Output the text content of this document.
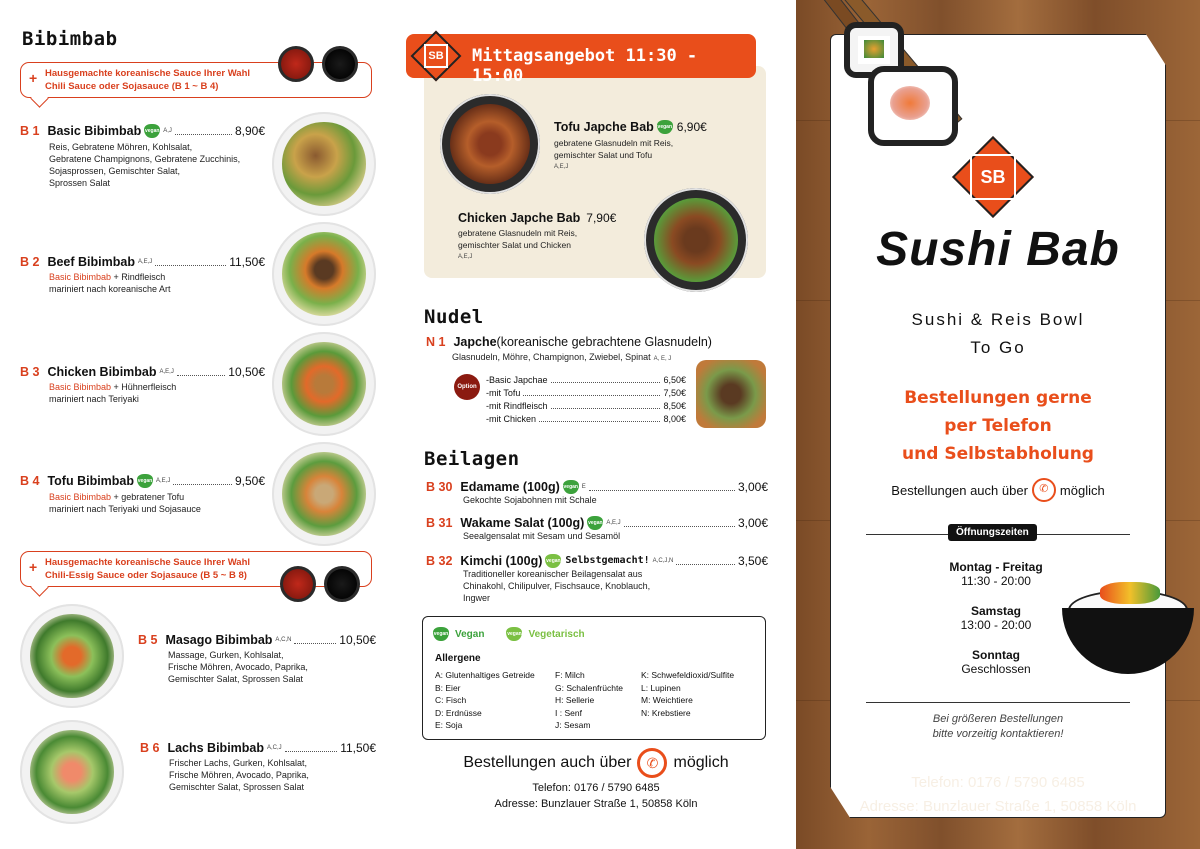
Bibimbab
+ Hausgemachte koreanische Sauce Ihrer Wahl
Chili Sauce oder Sojasauce (B 1 ~ B 4)
B 1 Basic Bibimbab vegan A,J	8,90€
Reis, Gebratene Möhren, Kohlsalat,
Gebratene Champignons, Gebratene Zucchinis,
Sojasprossen, Gemischter Salat,
Sprossen Salat
B 2 Beef Bibimbab A,E,J	11,50€
Basic Bibimbab + Rindfleisch
mariniert nach koreanische Art
B 3 Chicken Bibimbab A,E,J	10,50€
Basic Bibimbab + Hühnerfleisch
mariniert nach Teriyaki
B 4 Tofu Bibimbab vegan A,E,J	9,50€
Basic Bibimbab + gebratener Tofu
mariniert nach Teriyaki und Sojasauce
+ Hausgemachte koreanische Sauce Ihrer Wahl
Chili-Essig Sauce oder Sojasauce (B 5 ~ B 8)
B 5 Masago Bibimbab A,C,N	10,50€
Massage, Gurken, Kohlsalat,
Frische Möhren, Avocado, Paprika,
Gemischter Salat, Sprossen Salat
B 6 Lachs Bibimbab A,C,J	11,50€
Frischer Lachs, Gurken, Kohlsalat,
Frische Möhren, Avocado, Paprika,
Gemischter Salat, Sprossen Salat
SB Mittagsangebot 11:30 - 15:00
Tofu Japche Bab vegan 6,90€
gebratene Glasnudeln mit Reis,
gemischter Salat und Tofu
A,E,J
Chicken Japche Bab 7,90€
gebratene Glasnudeln mit Reis,
gemischter Salat und Chicken
A,E,J
Nudel
N 1 Japche (koreanische gebrachtene Glasnudeln)
Glasnudeln, Möhre, Champignon, Zwiebel, Spinat A, E, J
Option
-Basic Japchae	6,50€
-mit Tofu	7,50€
-mit Rindfleisch	8,50€
-mit Chicken	8,00€
Beilagen
B 30 Edamame (100g) vegan E	3,00€
Gekochte Sojabohnen mit Schale
B 31 Wakame Salat (100g) vegan A,E,J	3,00€
Seealgensalat mit Sesam und Sesamöl
B 32 Kimchi (100g) vegan Selbstgemacht! A,C,J,N	3,50€
Traditioneller koreanischer Beilagensalat aus Chinakohl, Chilipulver, Fischsauce, Knoblauch, Ingwer
vegan Vegan	vegan Vegetarisch
Allergene
A: Glutenhaltiges Getreide
B: Eier
C: Fisch
D: Erdnüsse
E: Soja
F: Milch
G: Schalenfrüchte
H: Sellerie
I : Senf
J: Sesam
K: Schwefeldioxid/Sulfite
L: Lupinen
M: Weichtiere
N: Krebstiere
Bestellungen auch über	✆ möglich
Telefon: 0176 / 5790 6485
Adresse: Bunzlauer Straße 1, 50858 Köln
SB
Sushi Bab
Sushi & Reis Bowl
To Go
Bestellungen gerne
per Telefon
und Selbstabholung
Bestellungen auch über	✆ möglich
Öffnungszeiten
Montag - Freitag
11:30 - 20:00
Samstag
13:00 - 20:00
Sonntag
Geschlossen
Bei größeren Bestellungen
bitte vorzeitig kontaktieren!
Telefon: 0176 / 5790 6485
Adresse: Bunzlauer Straße 1, 50858 Köln
